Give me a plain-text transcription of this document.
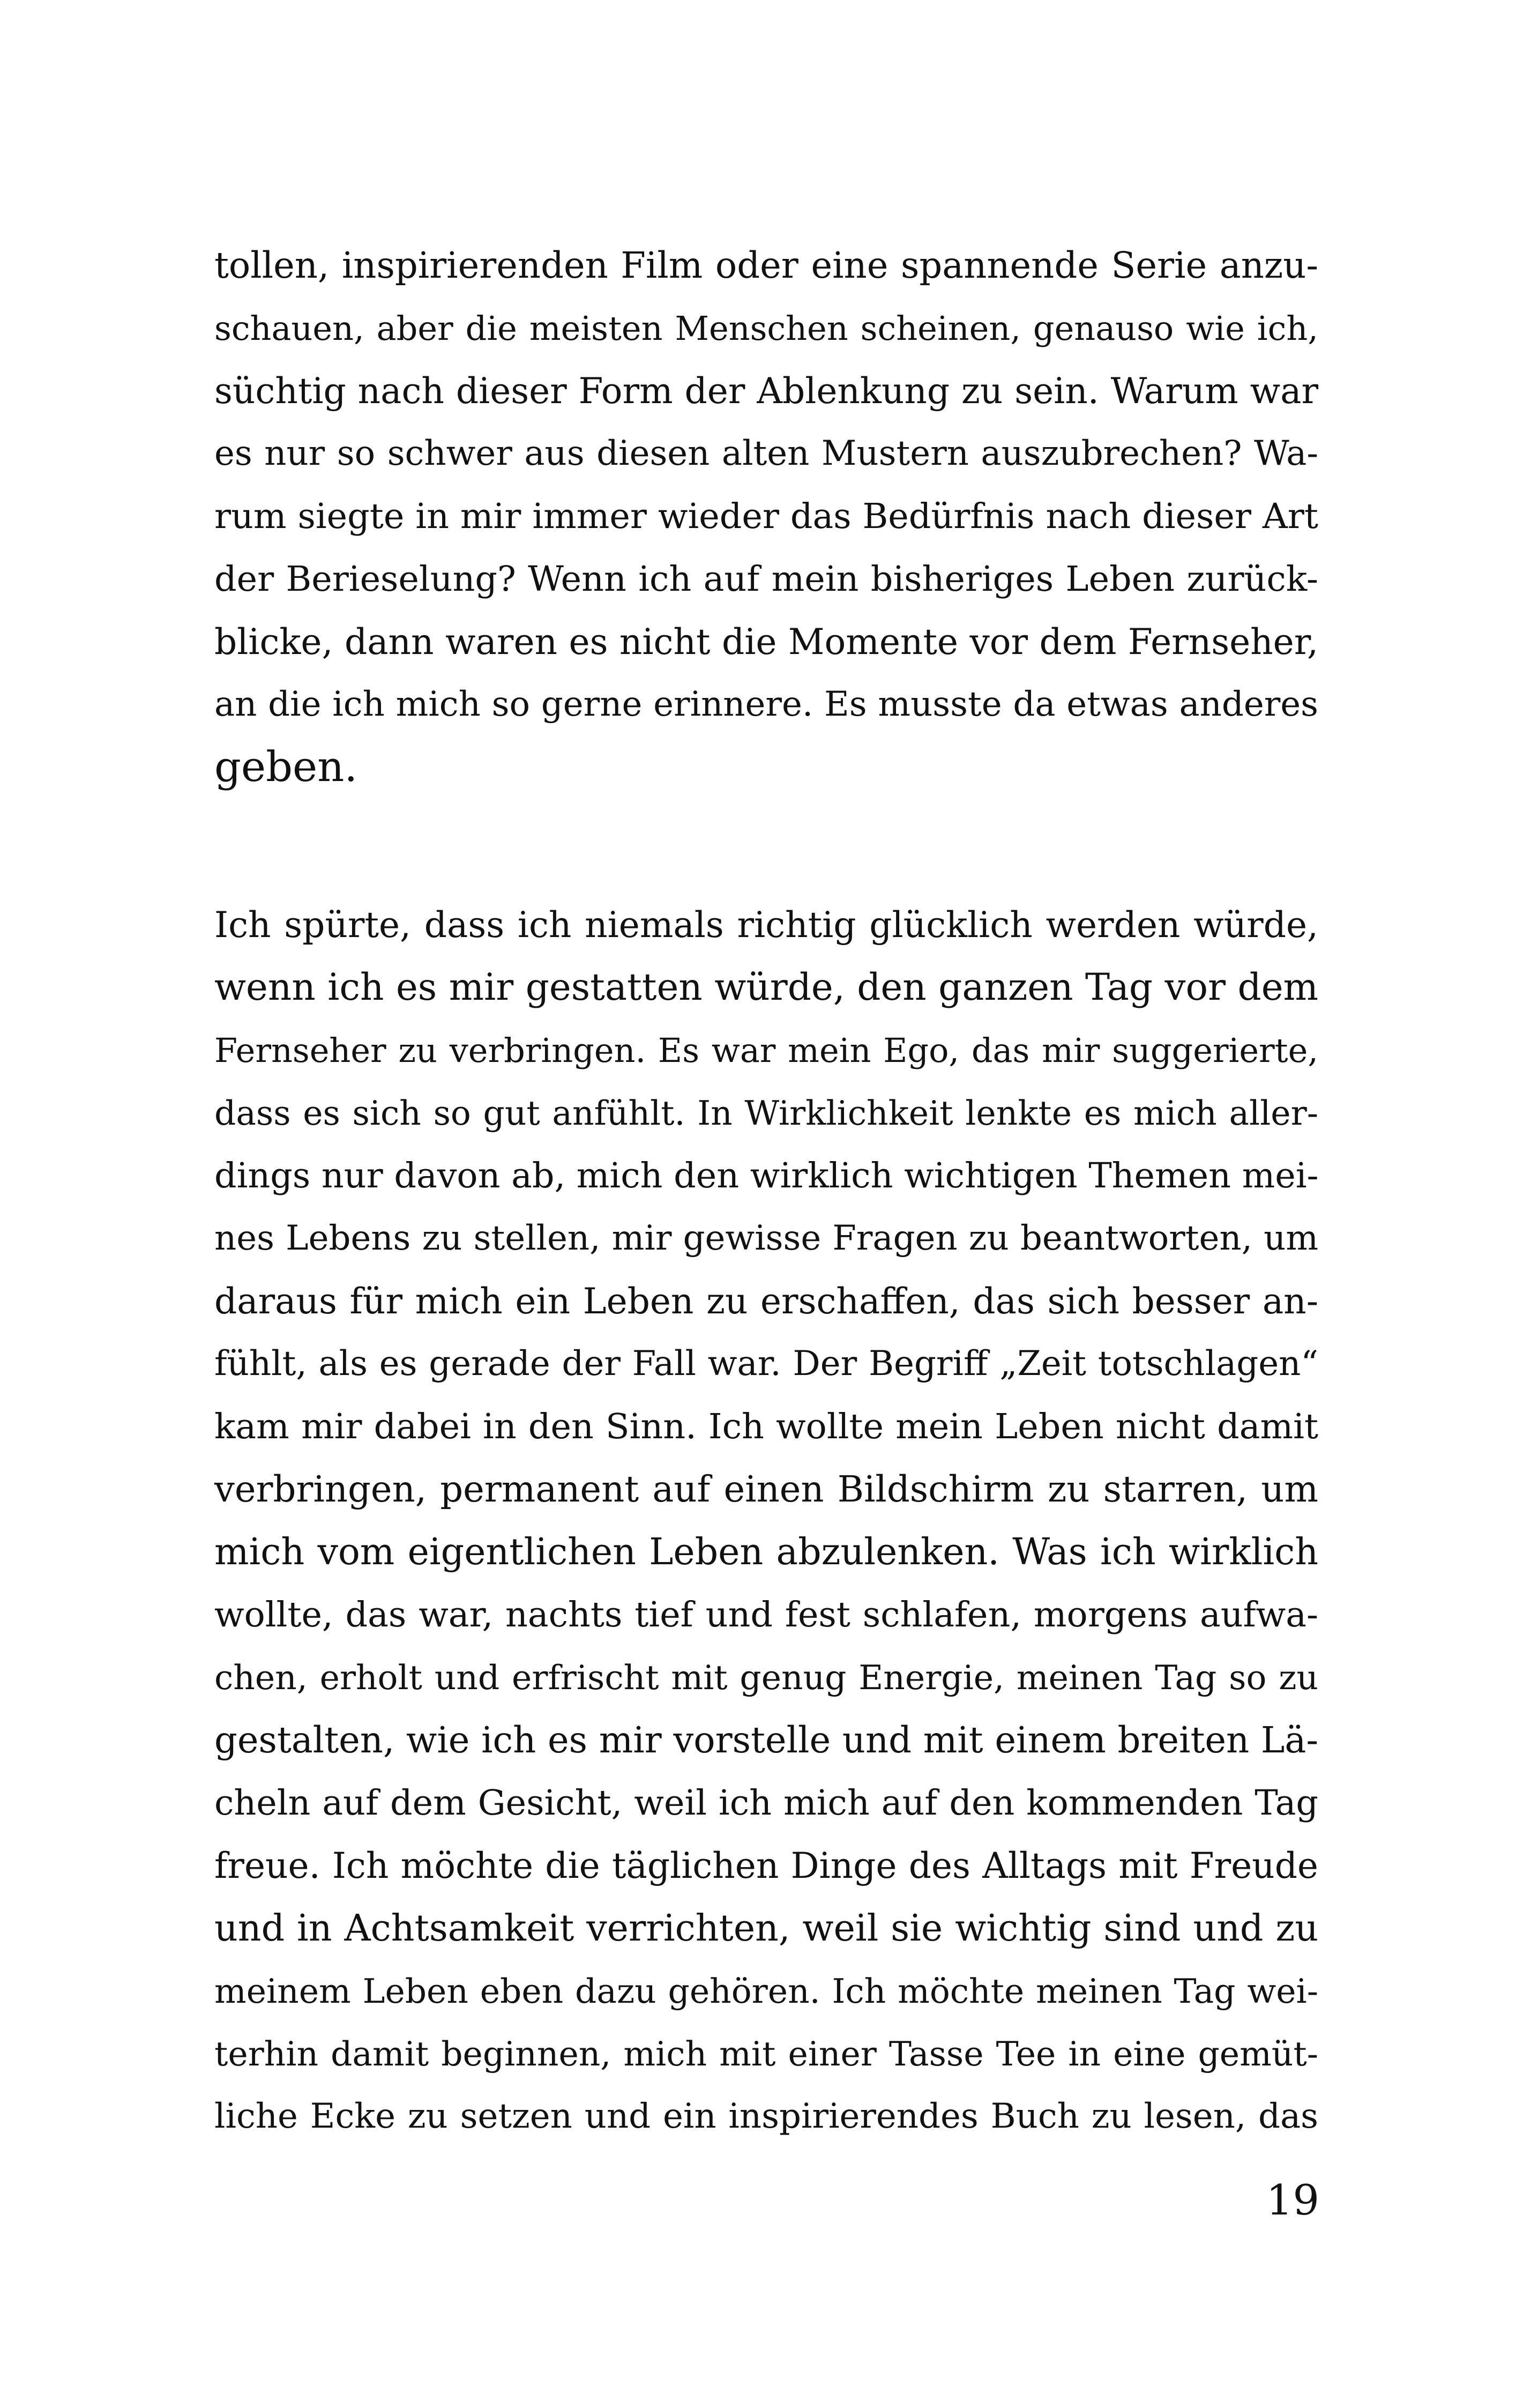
tollen, inspirierenden Film oder eine spannende Serie anzu-
schauen, aber die meisten Menschen scheinen, genauso wie ich,
süchtig nach dieser Form der Ablenkung zu sein. Warum war
es nur so schwer aus diesen alten Mustern auszubrechen? Wa-
rum siegte in mir immer wieder das Bedürfnis nach dieser Art
der Berieselung? Wenn ich auf mein bisheriges Leben zurück-
blicke, dann waren es nicht die Momente vor dem Fernseher,
an die ich mich so gerne erinnere. Es musste da etwas anderes
geben.
Ich spürte, dass ich niemals richtig glücklich werden würde,
wenn ich es mir gestatten würde, den ganzen Tag vor dem
Fernseher zu verbringen. Es war mein Ego, das mir suggerierte,
dass es sich so gut anfühlt. In Wirklichkeit lenkte es mich aller-
dings nur davon ab, mich den wirklich wichtigen Themen mei-
nes Lebens zu stellen, mir gewisse Fragen zu beantworten, um
daraus für mich ein Leben zu erschaffen, das sich besser an-
fühlt, als es gerade der Fall war. Der Begriff „Zeit totschlagen“
kam mir dabei in den Sinn. Ich wollte mein Leben nicht damit
verbringen, permanent auf einen Bildschirm zu starren, um
mich vom eigentlichen Leben abzulenken. Was ich wirklich
wollte, das war, nachts tief und fest schlafen, morgens aufwa-
chen, erholt und erfrischt mit genug Energie, meinen Tag so zu
gestalten, wie ich es mir vorstelle und mit einem breiten Lä-
cheln auf dem Gesicht, weil ich mich auf den kommenden Tag
freue. Ich möchte die täglichen Dinge des Alltags mit Freude
und in Achtsamkeit verrichten, weil sie wichtig sind und zu
meinem Leben eben dazu gehören. Ich möchte meinen Tag wei-
terhin damit beginnen, mich mit einer Tasse Tee in eine gemüt-
liche Ecke zu setzen und ein inspirierendes Buch zu lesen, das
19
